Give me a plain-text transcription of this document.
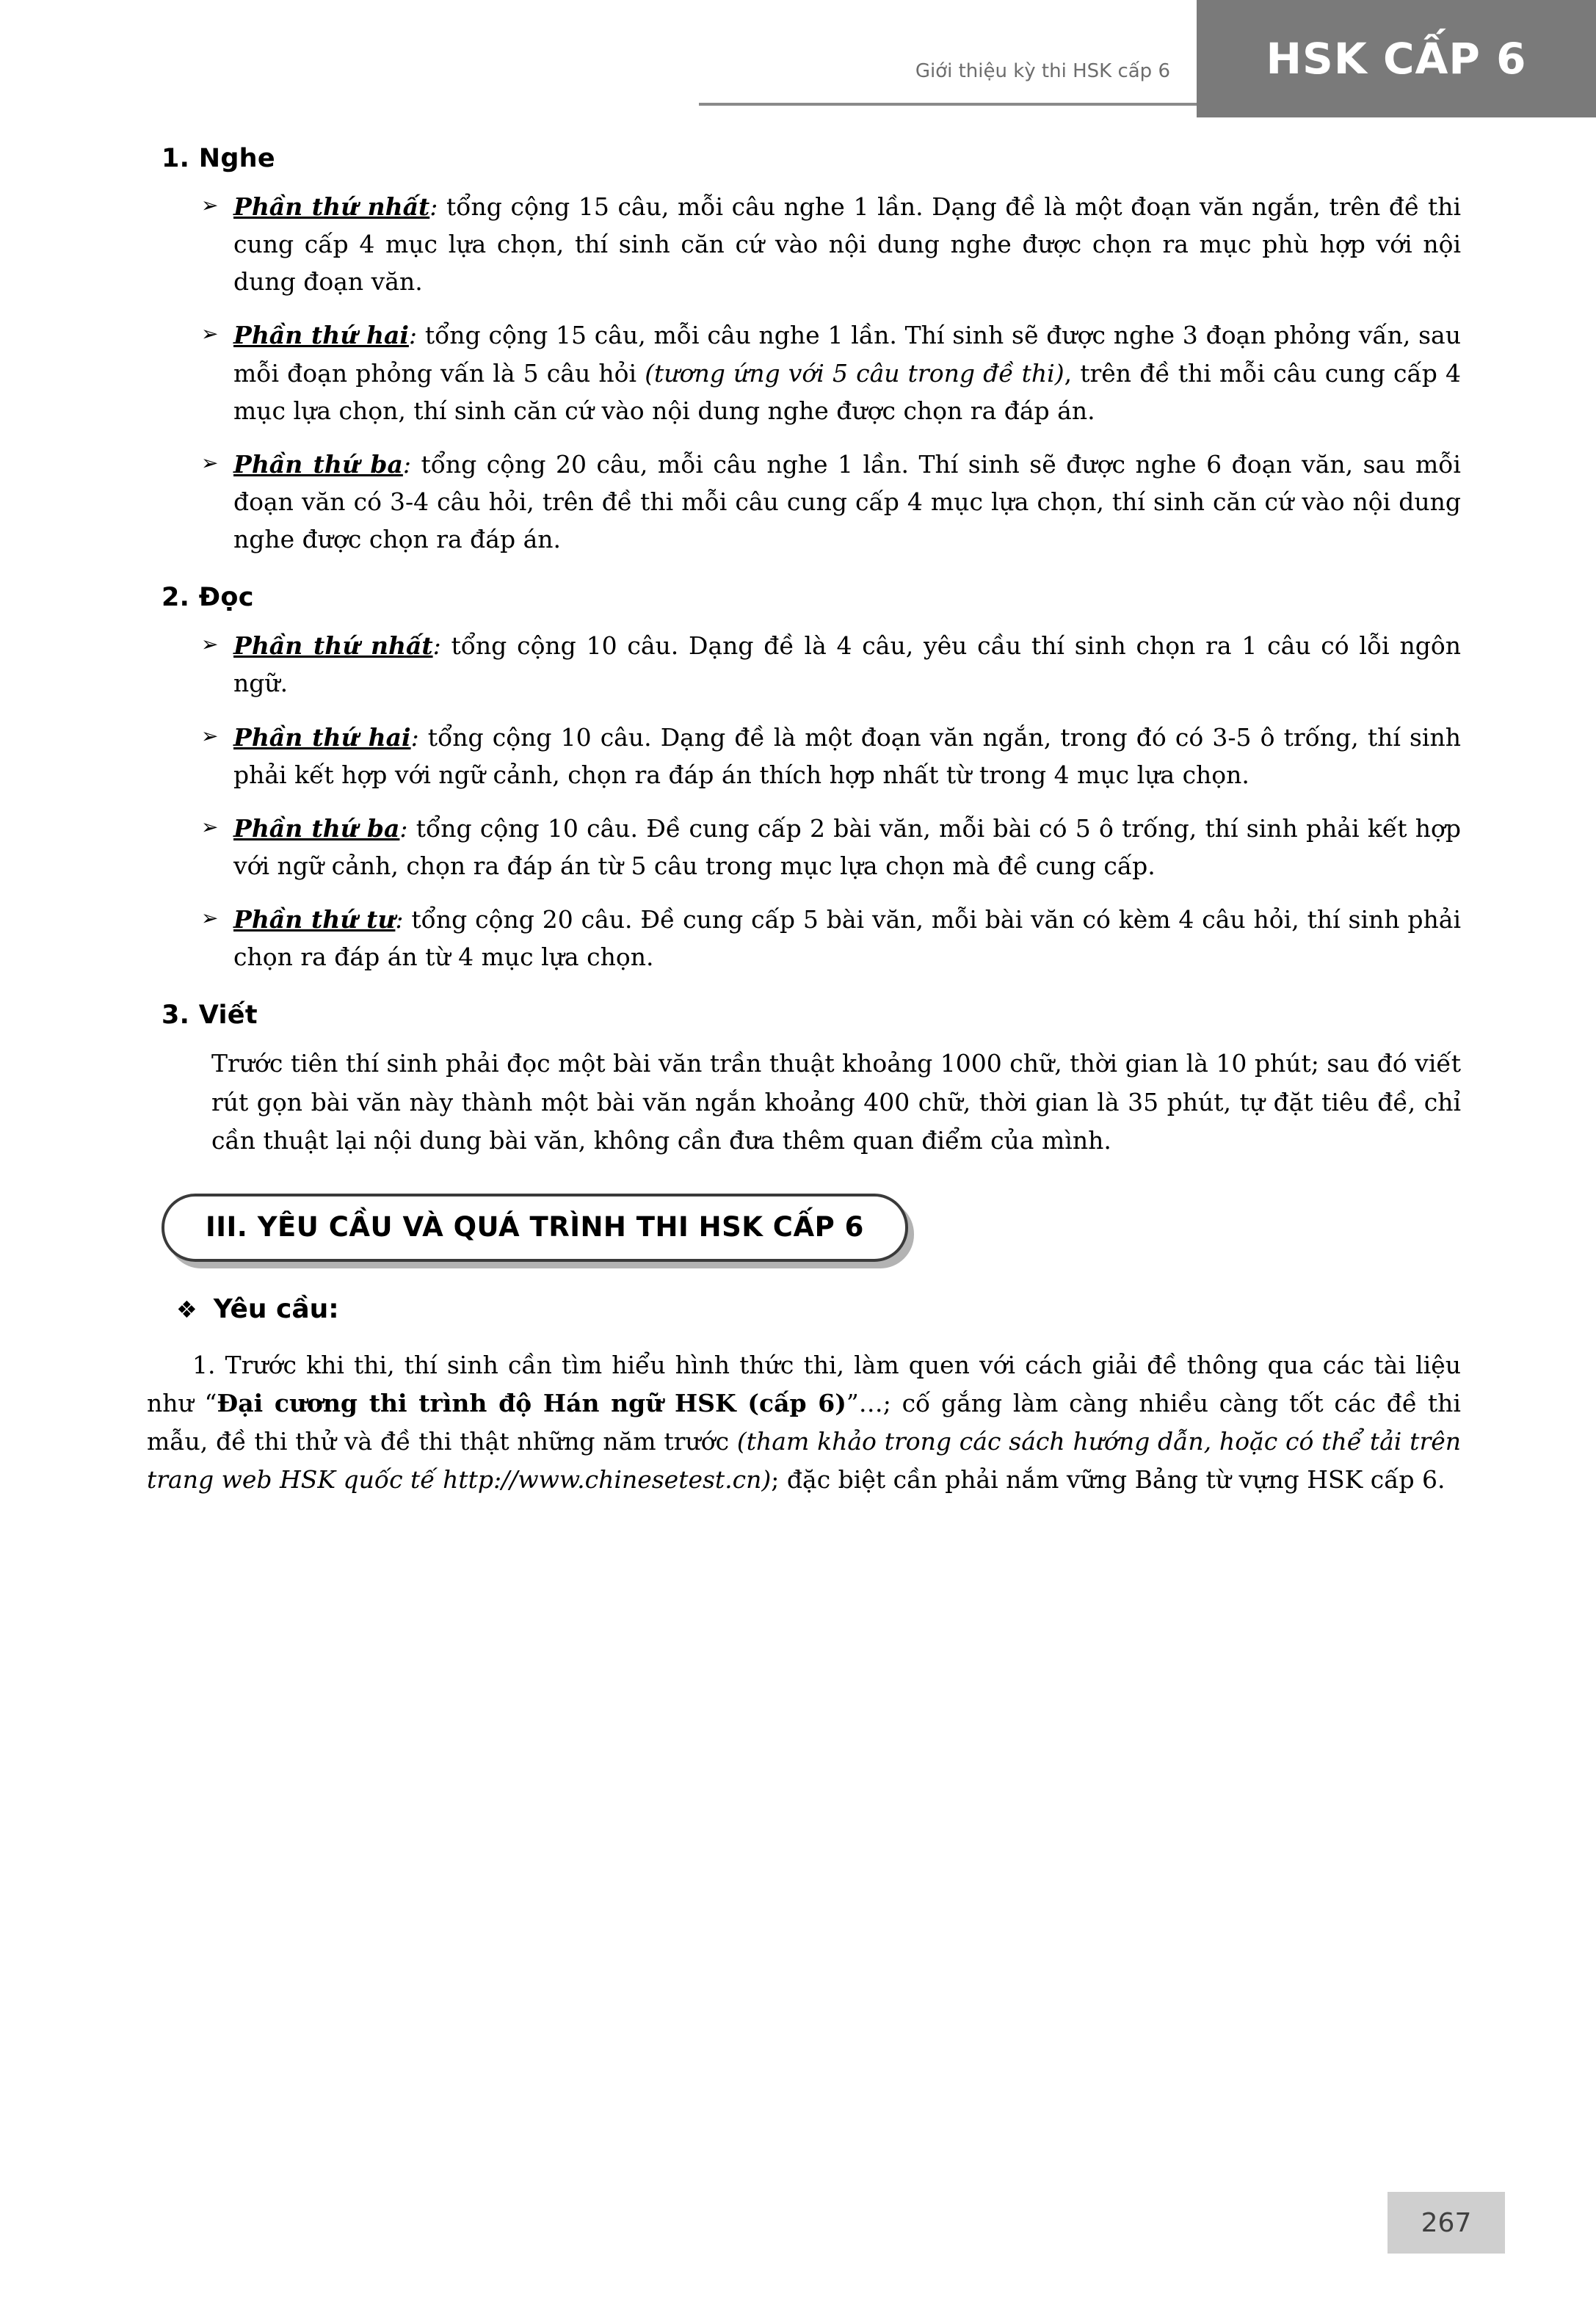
Giới thiệu kỳ thi HSK cấp 6	HSK CẤP 6
1. Nghe
➢ Phần thứ nhất: tổng cộng 15 câu, mỗi câu nghe 1 lần. Dạng đề là một đoạn văn ngắn, trên đề thi cung cấp 4 mục lựa chọn, thí sinh căn cứ vào nội dung nghe được chọn ra mục phù hợp với nội dung đoạn văn.
➢ Phần thứ hai: tổng cộng 15 câu, mỗi câu nghe 1 lần. Thí sinh sẽ được nghe 3 đoạn phỏng vấn, sau mỗi đoạn phỏng vấn là 5 câu hỏi (tương ứng với 5 câu trong đề thi), trên đề thi mỗi câu cung cấp 4 mục lựa chọn, thí sinh căn cứ vào nội dung nghe được chọn ra đáp án.
➢ Phần thứ ba: tổng cộng 20 câu, mỗi câu nghe 1 lần. Thí sinh sẽ được nghe 6 đoạn văn, sau mỗi đoạn văn có 3-4 câu hỏi, trên đề thi mỗi câu cung cấp 4 mục lựa chọn, thí sinh căn cứ vào nội dung nghe được chọn ra đáp án.
2. Đọc
➢ Phần thứ nhất: tổng cộng 10 câu. Dạng đề là 4 câu, yêu cầu thí sinh chọn ra 1 câu có lỗi ngôn ngữ.
➢ Phần thứ hai: tổng cộng 10 câu. Dạng đề là một đoạn văn ngắn, trong đó có 3-5 ô trống, thí sinh phải kết hợp với ngữ cảnh, chọn ra đáp án thích hợp nhất từ trong 4 mục lựa chọn.
➢ Phần thứ ba: tổng cộng 10 câu. Đề cung cấp 2 bài văn, mỗi bài có 5 ô trống, thí sinh phải kết hợp với ngữ cảnh, chọn ra đáp án từ 5 câu trong mục lựa chọn mà đề cung cấp.
➢ Phần thứ tư: tổng cộng 20 câu. Đề cung cấp 5 bài văn, mỗi bài văn có kèm 4 câu hỏi, thí sinh phải chọn ra đáp án từ 4 mục lựa chọn.
3. Viết

Trước tiên thí sinh phải đọc một bài văn trần thuật khoảng 1000 chữ, thời gian là 10 phút; sau đó viết rút gọn bài văn này thành một bài văn ngắn khoảng 400 chữ, thời gian là 35 phút, tự đặt tiêu đề, chỉ cần thuật lại nội dung bài văn, không cần đưa thêm quan điểm của mình.

III. YÊU CẦU VÀ QUÁ TRÌNH THI HSK CẤP 6
❖ Yêu cầu:

1. Trước khi thi, thí sinh cần tìm hiểu hình thức thi, làm quen với cách giải đề thông qua các tài liệu như “Đại cương thi trình độ Hán ngữ HSK (cấp 6)”…; cố gắng làm càng nhiều càng tốt các đề thi mẫu, đề thi thử và đề thi thật những năm trước (tham khảo trong các sách hướng dẫn, hoặc có thể tải trên trang web HSK quốc tế http://www.chinesetest.cn); đặc biệt cần phải nắm vững Bảng từ vựng HSK cấp 6.

267
